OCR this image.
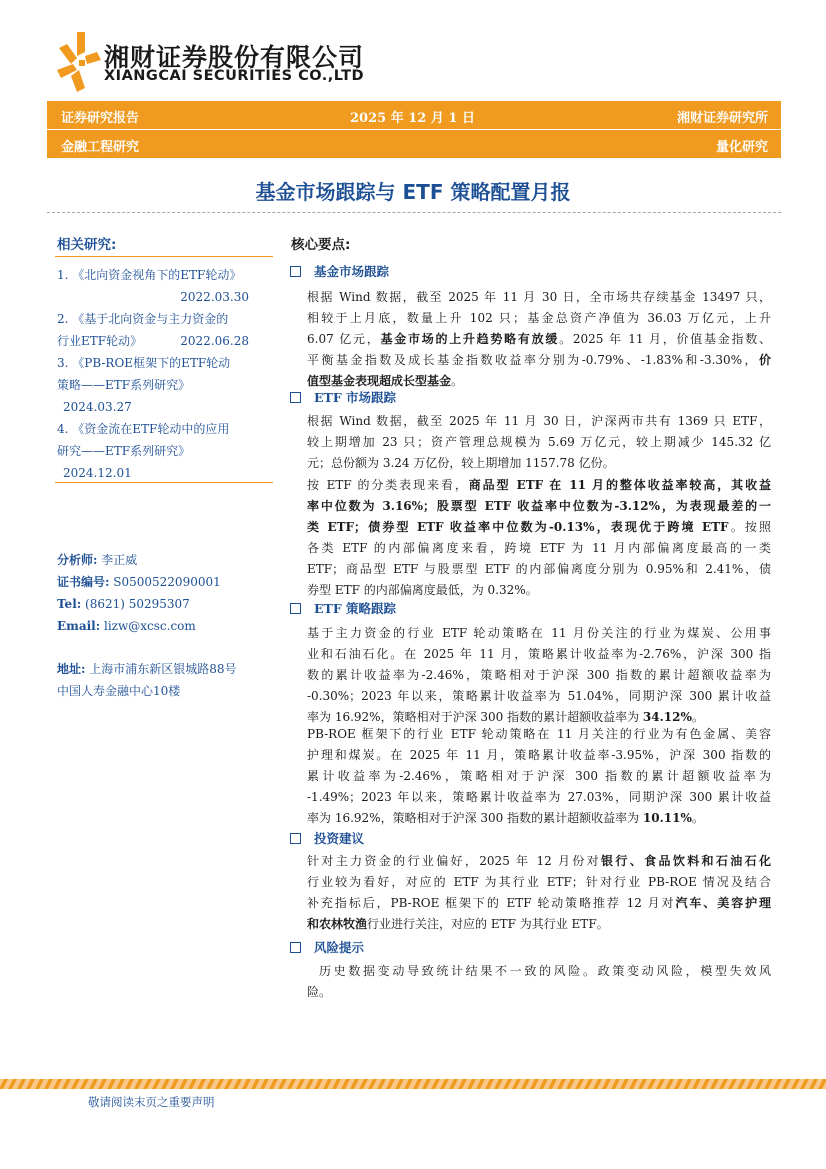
湘财证券股份有限公司
XIANGCAI SECURITIES CO.,LTD
证券研究报告	2025 年 12 月 1 日	湘财证券研究所
金融工程研究	量化研究
基金市场跟踪与 ETF 策略配置月报
相关研究:
1. 《北向资金视角下的ETF轮动》
2022.03.30
2. 《基于北向资金与主力资金的
行业ETF轮动》	2022.06.28
3. 《PB-ROE框架下的ETF轮动
策略——ETF系列研究》
2024.03.27
4. 《资金流在ETF轮动中的应用
研究——ETF系列研究》
2024.12.01
分析师: 李正威
证书编号: S0500522090001
Tel: (8621) 50295307
Email: lizw@xcsc.com
地址: 上海市浦东新区银城路88号
中国人寿金融中心10楼
核心要点:
基金市场跟踪
根据 Wind 数据，截至 2025 年 11 月 30 日，全市场共存续基金 13497 只，
相较于上月底，数量上升 102 只；基金总资产净值为 36.03 万亿元，上升
6.07 亿元，基金市场的上升趋势略有放缓。2025 年 11 月，价值基金指数、
平衡基金指数及成长基金指数收益率分别为-0.79%、-1.83%和-3.30%，价
值型基金表现超成长型基金。
ETF 市场跟踪
根据 Wind 数据，截至 2025 年 11 月 30 日，沪深两市共有 1369 只 ETF，
较上期增加 23 只；资产管理总规模为 5.69 万亿元，较上期减少 145.32 亿
元；总份额为 3.24 万亿份，较上期增加 1157.78 亿份。
按 ETF 的分类表现来看，商品型 ETF 在 11 月的整体收益率较高，其收益
率中位数为 3.16%；股票型 ETF 收益率中位数为-3.12%，为表现最差的一
类 ETF；债券型 ETF 收益率中位数为-0.13%，表现优于跨境 ETF。按照
各类 ETF 的内部偏离度来看，跨境 ETF 为 11 月内部偏离度最高的一类
ETF；商品型 ETF 与股票型 ETF 的内部偏离度分别为 0.95%和 2.41%，债
券型 ETF 的内部偏离度最低，为 0.32%。
ETF 策略跟踪
基于主力资金的行业 ETF 轮动策略在 11 月份关注的行业为煤炭、公用事
业和石油石化。在 2025 年 11 月，策略累计收益率为-2.76%，沪深 300 指
数的累计收益率为-2.46%，策略相对于沪深 300 指数的累计超额收益率为
-0.30%；2023 年以来，策略累计收益率为 51.04%，同期沪深 300 累计收益
率为 16.92%，策略相对于沪深 300 指数的累计超额收益率为 34.12%。
PB-ROE 框架下的行业 ETF 轮动策略在 11 月关注的行业为有色金属、美容
护理和煤炭。在 2025 年 11 月，策略累计收益率-3.95%，沪深 300 指数的
累计收益率为-2.46%，策略相对于沪深 300 指数的累计超额收益率为
-1.49%；2023 年以来，策略累计收益率为 27.03%，同期沪深 300 累计收益
率为 16.92%，策略相对于沪深 300 指数的累计超额收益率为 10.11%。
投资建议
针对主力资金的行业偏好，2025 年 12 月份对银行、食品饮料和石油石化
行业较为看好，对应的 ETF 为其行业 ETF；针对行业 PB-ROE 情况及结合
补充指标后，PB-ROE 框架下的 ETF 轮动策略推荐 12 月对汽车、美容护理
和农林牧渔行业进行关注，对应的 ETF 为其行业 ETF。
风险提示
历史数据变动导致统计结果不一致的风险。政策变动风险，模型失效风
险。
敬请阅读末页之重要声明
